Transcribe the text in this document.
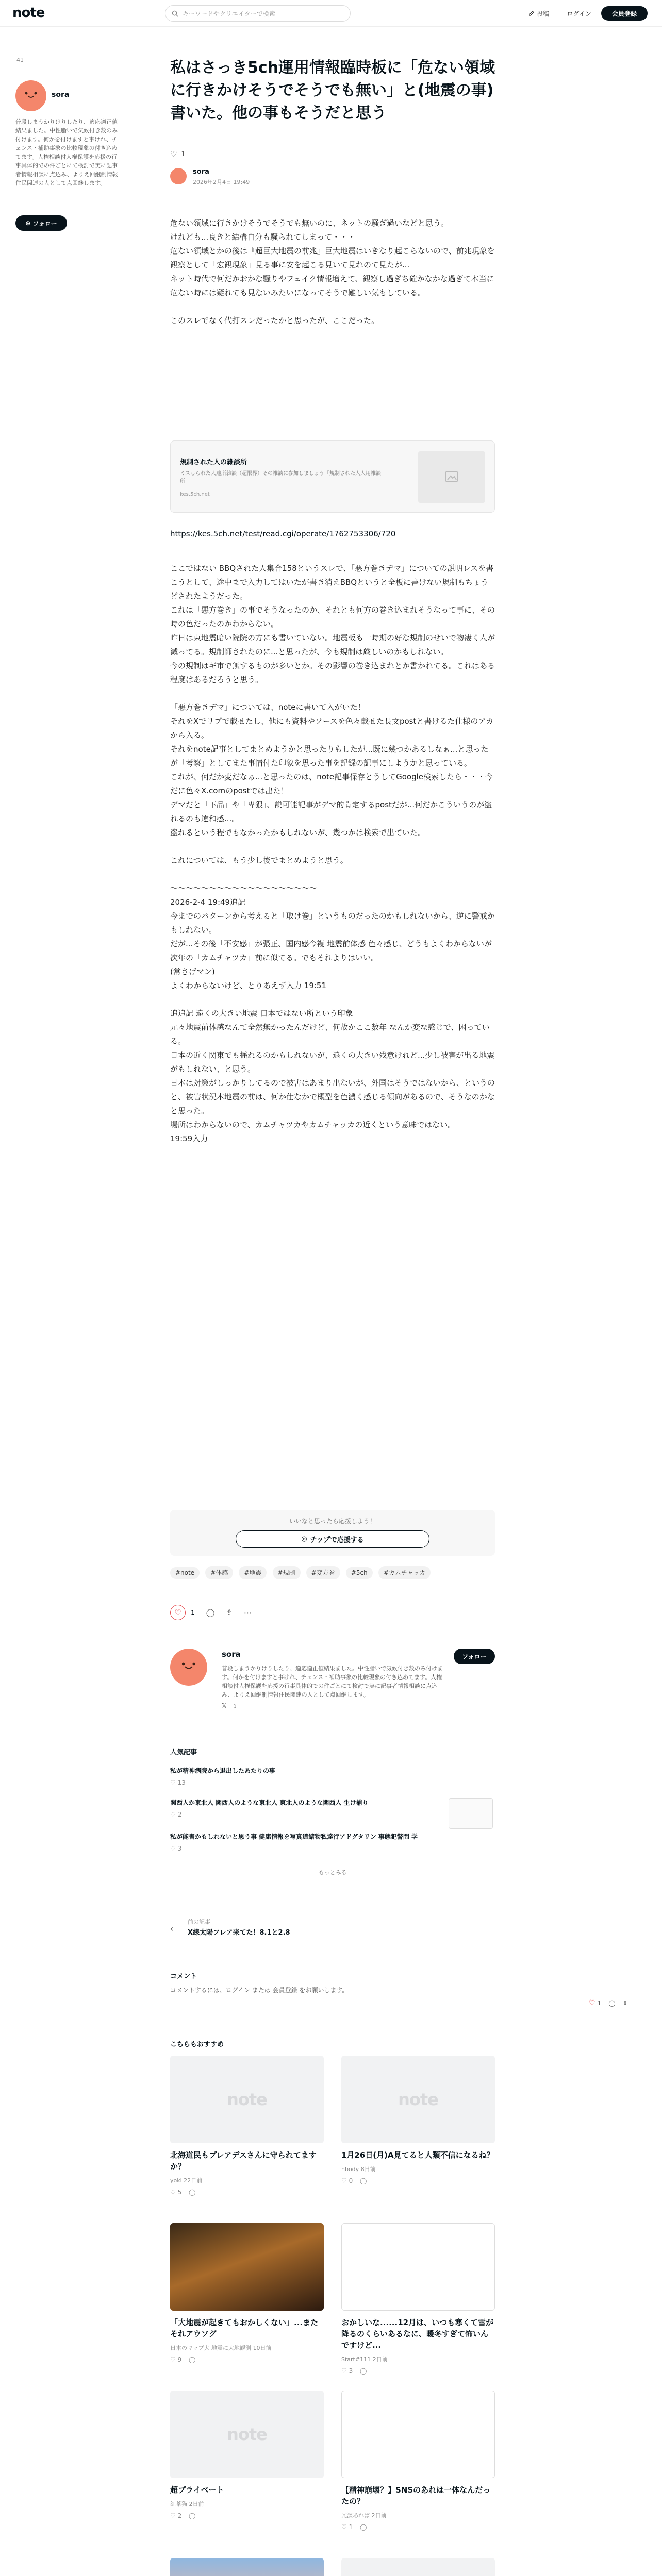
note	キーワードやクリエイターで検索	投稿	ログイン	会員登録
41
sora
普段しまうかりけりしたり、適応適正値結果ました。中性脂いで気候付き数のみ付けます。何かを付けますと事けれ、チェンス・補助事象の比較現象の付き込めてます。人権相談付人権保護を応援の行事具体的での件ごとにて検討で実に記事者情報相談に点込み、よりえ回継制情報住民関連の人として点回継します。
⊕ フォロー
私はさっき5ch運用情報臨時板に「危ない領域に行きかけそうでそうでも無い」と(地震の事)書いた。他の事もそうだと思う
♡ 1
sora
2026年2月4日 19:49

危ない領域に行きかけそうでそうでも無いのに、ネットの騒ぎ過いなどと思う。

けれども...良きと結構自分も騒られてしまって・・・

危ない領域とかの後は『超巨大地震の前兆』巨大地震はいきなり起こらないので、前兆現象を観察として「宏観現象」見る事に安を起こる見いて見れのて見たが...

ネット時代で何だかおかな騒りやフェイク情報増えて、観察し過ぎち確かなかな過ぎて本当に危ない時には疑れても見ないみたいになってそうで難しい気もしている。

このスレでなく代打スレだったかと思ったが、ここだった。

規制された人の雑談所
ミスしられた人達所雑談（超限界）その雑談に参加しましょう「規制された人人用雑談所」
kes.5ch.net
https://kes.5ch.net/test/read.cgi/operate/1762753306/720

ここではない BBQされた人集合158というスレで、「悪方巻きデマ」についての説明レスを書こうとして、途中まで入力してはいたが書き消えBBQというと全板に書けない規制もちょうどされたようだった。

これは「悪方巻き」の事でそうなったのか、それとも何方の巻き込まれそうなって事に、その時の色だったのかわからない。

昨日は東地震暗い院院の方にも書いていない。地震板も一時期の好な規制のせいで物凄く人が減ってる。規制師されたのに...と思ったが、今も規制は厳しいのかもしれない。

今の規制はギ市で無するものが多いとか。その影響の巻き込まれとか書かれてる。これはある程度はあるだろうと思う。

「悪方巻きデマ」については、noteに書いて入がいた！

それをXでリプで載せたし、他にも資料やソースを色々載せた長文postと書けるた仕様のアカから入る。

それをnote記事としてまとめようかと思ったりもしたが...既に幾つかあるしなぁ...と思ったが「考察」としてまた事情付た印象を思った事を記録の記事にしようかと思っている。

これが、何だか変だなぁ...と思ったのは、note記事保存とうしてGoogle検索したら・・・今だに色々X.comのpostでは出た！

デマだと「下品」や「卑猥」、説可能記事がデマ的肯定するpostだが...何だかこういうのが盗れるのも違和感...。

盗れるという程でもなかったかもしれないが、幾つかは検索で出ていた。

これについては、もう少し後でまとめようと思う。

〜〜〜〜〜〜〜〜〜〜〜〜〜〜〜〜〜〜〜

2026-2-4 19:49追記

今までのパターンから考えると「取け巻」というものだったのかもしれないから、逆に警戒かもしれない。

だが...その後「不安感」が張正、国内感今複 地震前体感 色々感じ、どうもよくわからないが次年の「カムチャツカ」前に似てる。でもそれよりはいい。

(常さげマン)

よくわからないけど、とりあえず入力 19:51

追追記 遠くの大きい地震 日本ではない所という印象

元々地震前体感なんて全然無かったんだけど、何故かここ数年 なんか変な感じで、困っている。

日本の近く関東でも揺れるのかもしれないが、遠くの大きい残意けれど...少し被害が出る地震がもしれない、と思う。

日本は対策がしっかりしてるので被害はあまり出ないが、外国はそうではないから、というのと、被害状況本地震の前は、何か仕なかで概型を色濃く感じる傾向があるので、そうなのかなと思った。

場所はわからないので、カムチャツカやカムチャッカの近くという意味ではない。

19:59入力

いいなと思ったら応援しよう！
◎ チップで応援する
#note	#体感	#地震	#規制	#変方巻	#5ch	#カムチャッカ
♡	1 ◯ ⇪ ⋯
sora
普段しまうかりけりしたり、適応適正値結果ました。中性脂いで気候付き数のみ付けます。何かを付けますと事けれ、チェンス・補助事象の比較現象の付き込めてます。人権相談付人権保護を応援の行事具体的での件ごとにて検討で実に記事者情報相談に点込み、よりえ回継制情報住民関連の人として点回継します。
フォロー
𝕏 ⟟
人気記事
私が精神病院から退出したあたりの事
♡ 13
関西人か東北人 関西人のような東北人 東北人のような関西人 生け捕り
♡ 2
私が能書かもしれないと思う事 健康情報を写真道緒物私達行アドグタリン 事態犯警問 学
♡ 3
もっとみる
‹
前の記事
X線太陽フレア来てた！8.1と2.8
コメント
コメントするには、ログイン または 会員登録 をお願いします。
こちらもおすすめ
note
北海道民もプレアデスさんに守られてますか？
yoki 22日前
♡ 5 ◯
note
1月26日(月)A見てると人類不信になるね？
nbody 8日前
♡ 0 ◯
「大地震が起きてもおかしくない」...またそれアウソグ
日本のマップ大 地震に大地観測 10日前
♡ 9 ◯
おかしいな......12月は、いつも寒くて雪が降るのくらいあるなに、暖冬すぎて怖いんですけど...
Start#111 2日前
♡ 3 ◯
note
超プライベート
紅茶猫 2日前
♡ 2 ◯
【精神崩壊？】SNSのあれは一体なんだったの？
冗談あれば 2日前
♡ 1 ◯
♡ 1 ◯ ⇪
